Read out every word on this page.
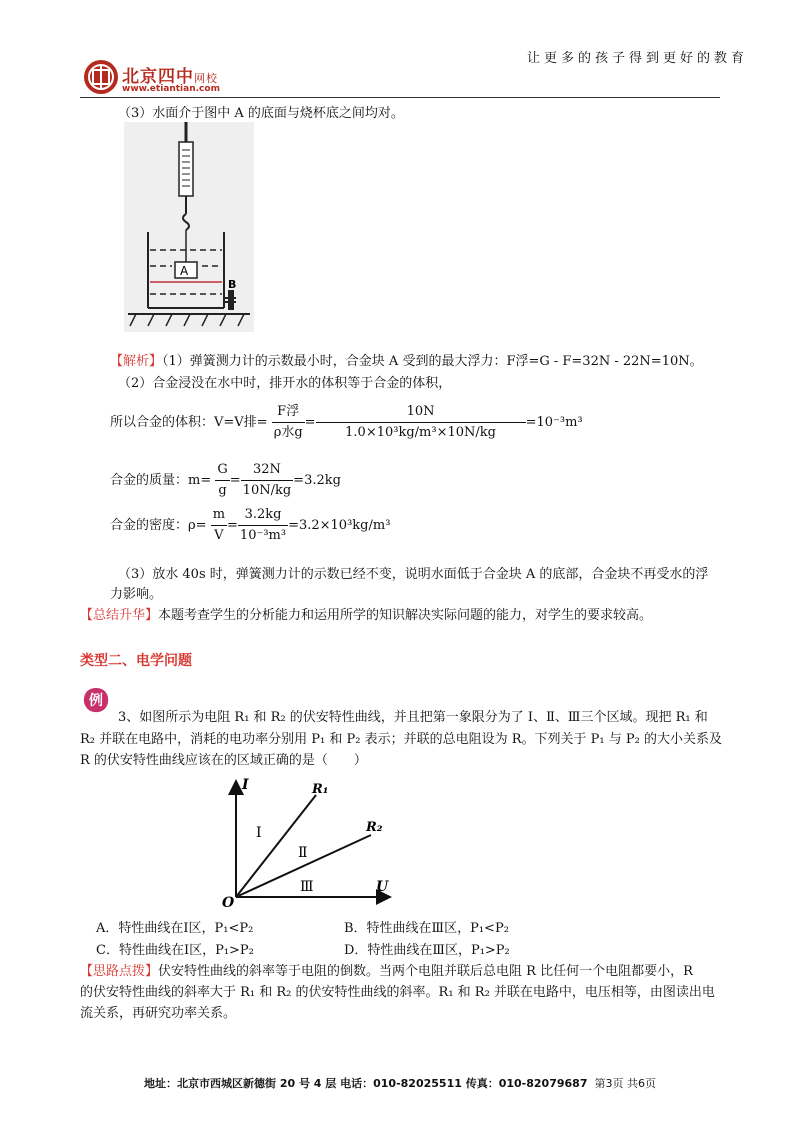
北京四中网校
www.etiantian.com
让更多的孩子得到更好的教育

（3）水面介于图中 A 的底面与烧杯底之间均对。

A
B

【解析】（1）弹簧测力计的示数最小时，合金块 A 受到的最大浮力：F浮=G - F=32N - 22N=10N。

（2）合金浸没在水中时，排开水的体积等于合金的体积，

所以合金的体积：V=V排= $\frac{\text{F浮}}{\text{ρ水g}} = \frac{10N}{\text{1.0×10³kg/m³×10N/kg}} =10^{-3}m^3$
合金的质量：$m= \frac{G}{g} = \frac{32N}{10N/kg} =3.2kg$
合金的密度：$\rho= \frac{m}{V} = \frac{3.2kg}{\text{10⁻³m³}} =3.2\times 10^3kg/m^3$

（3）放水 40s 时，弹簧测力计的示数已经不变，说明水面低于合金块 A 的底部，合金块不再受水的浮

力影响。

【总结升华】本题考查学生的分析能力和运用所学的知识解决实际问题的能力，对学生的要求较高。

类型二、电学问题
例

3、如图所示为电阻 R₁ 和 R₂ 的伏安特性曲线，并且把第一象限分为了 Ⅰ、Ⅱ、Ⅲ三个区域。现把 R₁ 和

R₂ 并联在电路中，消耗的电功率分别用 P₁ 和 P₂ 表示；并联的总电阻设为 R。下列关于 P₁ 与 P₂ 的大小关系及

R 的伏安特性曲线应该在的区域正确的是（　　）

I
U
O
R₁
R₂
Ⅰ
Ⅱ
Ⅲ

A．特性曲线在Ⅰ区，P₁<P₂	B．特性曲线在Ⅲ区，P₁<P₂

C．特性曲线在Ⅰ区，P₁>P₂	D．特性曲线在Ⅲ区，P₁>P₂

【思路点拨】伏安特性曲线的斜率等于电阻的倒数。当两个电阻并联后总电阻 R 比任何一个电阻都要小，R

的伏安特性曲线的斜率大于 R₁ 和 R₂ 的伏安特性曲线的斜率。R₁ 和 R₂ 并联在电路中，电压相等，由图读出电

流关系，再研究功率关系。

地址：北京市西城区新德街 20 号 4 层 电话：010-82025511 传真：010-82079687 第3页 共6页
